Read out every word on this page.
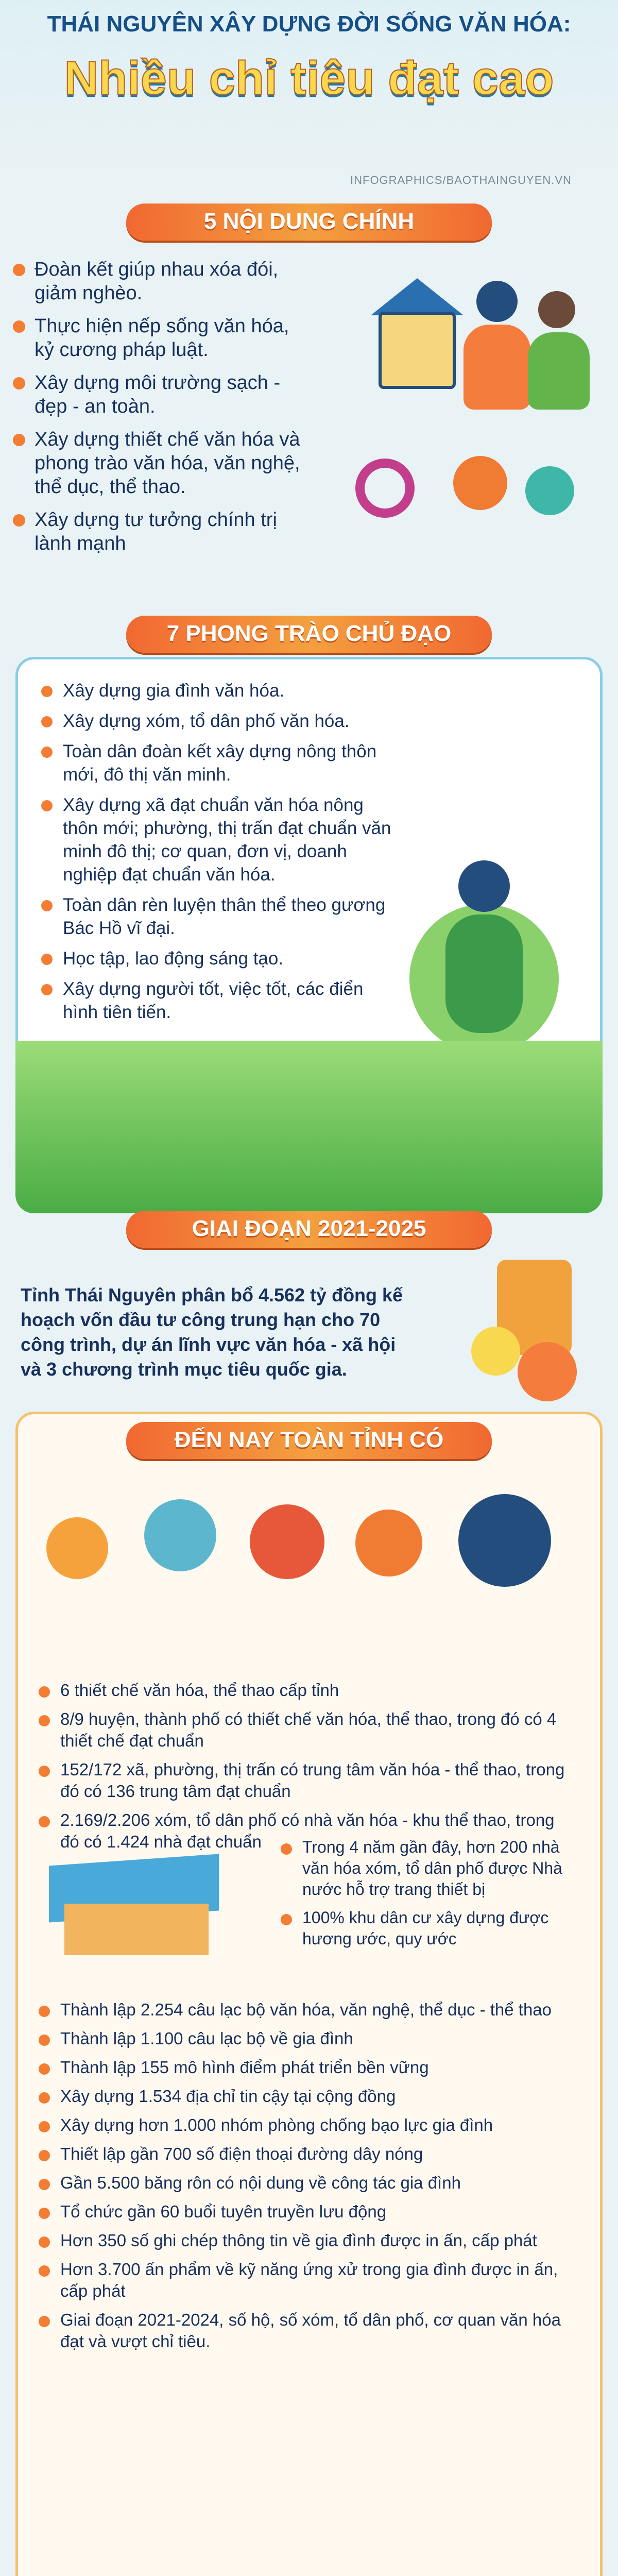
THÁI NGUYÊN XÂY DỰNG ĐỜI SỐNG VĂN HÓA:
Nhiều chỉ tiêu đạt cao
INFOGRAPHICS/BAOTHAINGUYEN.VN
5 NỘI DUNG CHÍNH
Đoàn kết giúp nhau xóa đói, giảm nghèo.
Thực hiện nếp sống văn hóa, kỷ cương pháp luật.
Xây dựng môi trường sạch - đẹp - an toàn.
Xây dựng thiết chế văn hóa và phong trào văn hóa, văn nghệ, thể dục, thể thao.
Xây dựng tư tưởng chính trị lành mạnh
7 PHONG TRÀO CHỦ ĐẠO
Xây dựng gia đình văn hóa.
Xây dựng xóm, tổ dân phố văn hóa.
Toàn dân đoàn kết xây dựng nông thôn mới, đô thị văn minh.
Xây dựng xã đạt chuẩn văn hóa nông thôn mới; phường, thị trấn đạt chuẩn văn minh đô thị; cơ quan, đơn vị, doanh nghiệp đạt chuẩn văn hóa.
Toàn dân rèn luyện thân thể theo gương Bác Hồ vĩ đại.
Học tập, lao động sáng tạo.
Xây dựng người tốt, việc tốt, các điển hình tiên tiến.
GIAI ĐOẠN 2021-2025
Tỉnh Thái Nguyên phân bổ 4.562 tỷ đồng kế hoạch vốn đầu tư công trung hạn cho 70 công trình, dự án lĩnh vực văn hóa - xã hội và 3 chương trình mục tiêu quốc gia.
ĐẾN NAY TOÀN TỈNH CÓ
6 thiết chế văn hóa, thể thao cấp tỉnh
8/9 huyện, thành phố có thiết chế văn hóa, thể thao, trong đó có 4 thiết chế đạt chuẩn
152/172 xã, phường, thị trấn có trung tâm văn hóa - thể thao, trong đó có 136 trung tâm đạt chuẩn
2.169/2.206 xóm, tổ dân phố có nhà văn hóa - khu thể thao, trong đó có 1.424 nhà đạt chuẩn	Trong 4 năm gần đây, hơn 200 nhà văn hóa xóm, tổ dân phố được Nhà nước hỗ trợ trang thiết bị
100% khu dân cư xây dựng được hương ước, quy ước
Thành lập 2.254 câu lạc bộ văn hóa, văn nghệ, thể dục - thể thao
Thành lập 1.100 câu lạc bộ về gia đình
Thành lập 155 mô hình điểm phát triển bền vững
Xây dựng 1.534 địa chỉ tin cậy tại cộng đồng
Xây dựng hơn 1.000 nhóm phòng chống bạo lực gia đình
Thiết lập gần 700 số điện thoại đường dây nóng
Gần 5.500 băng rôn có nội dung về công tác gia đình
Tổ chức gần 60 buổi tuyên truyền lưu động
Hơn 350 số ghi chép thông tin về gia đình được in ấn, cấp phát
Hơn 3.700 ấn phẩm về kỹ năng ứng xử trong gia đình được in ấn, cấp phát
Giai đoạn 2021-2024, số hộ, số xóm, tổ dân phố, cơ quan văn hóa đạt và vượt chỉ tiêu.
